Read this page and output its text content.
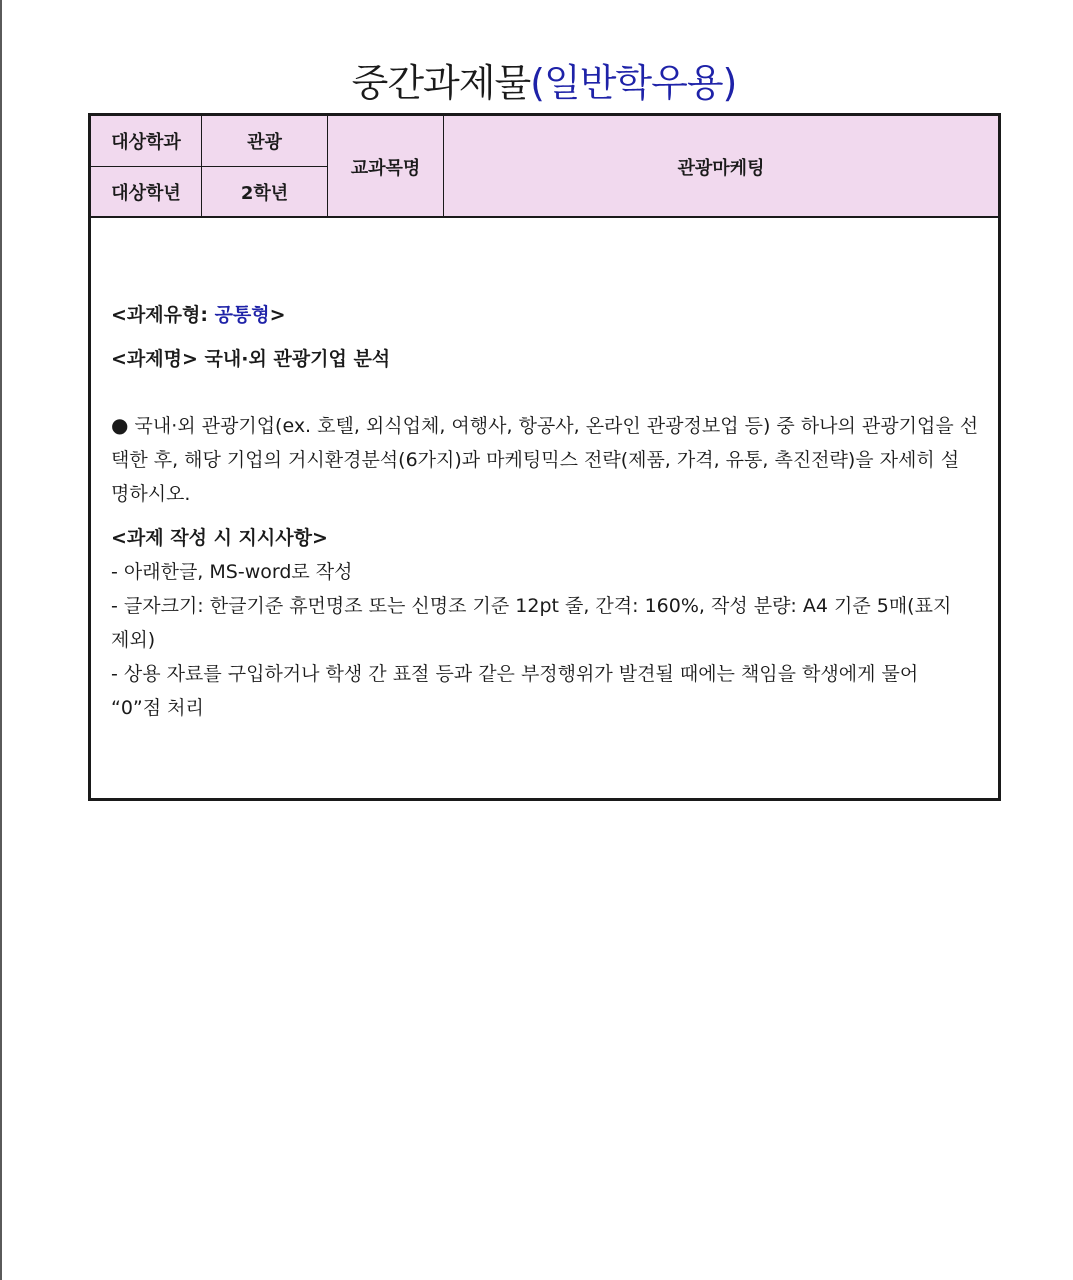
중간과제물(일반학우용)
대상학과	관광	교과목명	관광마케팅
대상학년	2학년		

<과제유형: 공통형>

<과제명> 국내·외 관광기업 분석

● 국내·외 관광기업(ex. 호텔, 외식업체, 여행사, 항공사, 온라인 관광정보업 등) 중 하나의 관광기업을 선

택한 후, 해당 기업의 거시환경분석(6가지)과 마케팅믹스 전략(제품, 가격, 유통, 촉진전략)을 자세히 설

명하시오.

<과제 작성 시 지시사항>

- 아래한글, MS-word로 작성

- 글자크기: 한글기준 휴먼명조 또는 신명조 기준 12pt 줄, 간격: 160%, 작성 분량: A4 기준 5매(표지

제외)

- 상용 자료를 구입하거나 학생 간 표절 등과 같은 부정행위가 발견될 때에는 책임을 학생에게 물어

“0”점 처리
